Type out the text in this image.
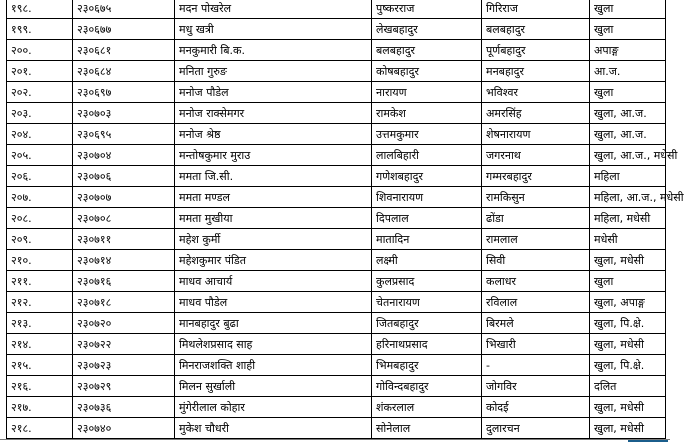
१९८.	२३०६७५	मदन पोखरेल	पुष्करराज	गिरिराज	खुला
१९९.	२३०६७७	मधु खत्री	लेखबहादुर	बलबहादुर	खुला
२००.	२३०६८१	मनकुमारी बि.क.	बलबहादुर	पूर्णबहादुर	अपाङ्ग
२०१.	२३०६८४	मनिता गुरुङ	कोषबहादुर	मनबहादुर	आ.ज.
२०२.	२३०६९७	मनोज पौडेल	नारायण	भविश्वर	खुला
२०३.	२३०७०३	मनोज राक्सेमगर	रामकेश	अमरसिंह	खुला, आ.ज.
२०४.	२३०६९५	मनोज श्रेष्ठ	उत्तमकुमार	शेषनारायण	खुला, आ.ज.
२०५.	२३०७०४	मन्तोषकुमार मुराउ	लालबिहारी	जगरनाथ	खुला, आ.ज., मधेसी
२०६.	२३०७०६	ममता जि.सी.	गणेशबहादुर	गम्मरबहादुर	महिला
२०७.	२३०७०७	ममता मण्डल	शिवनारायण	रामकिसुन	महिला, आ.ज., मधेसी
२०८.	२३०७०८	ममता मुखीया	दिपलाल	ढोंडा	महिला, मधेसी
२०९.	२३०७११	महेश कुर्मी	मातादिन	रामलाल	मधेसी
२१०.	२३०७१४	महेशकुमार पंडित	लक्ष्मी	सिवी	खुला, मधेसी
२११.	२३०७१६	माधव आचार्य	कुलप्रसाद	कलाधर	खुला
२१२.	२३०७१८	माधव पौडेल	चेतनारायण	रविलाल	खुला, अपाङ्ग
२१३.	२३०७२०	मानबहादुर बुढा	जितबहादुर	बिरमले	खुला, पि.क्षे.
२१४.	२३०७२२	मिथलेशप्रसाद साह	हरिनाथप्रसाद	भिखारी	खुला, मधेसी
२१५.	२३०७२३	मिनराजशक्ति शाही	भिमबहादुर	-	खुला, पि.क्षे.
२१६.	२३०७२९	मिलन सुर्खाली	गोविन्दबहादुर	जोगविर	दलित
२१७.	२३०७३६	मुंगेरीलाल कोहार	शंकरलाल	कोदई	खुला, मधेसी
२१८.	२३०७४०	मुकेश चौधरी	सोनेलाल	दुलारचन	खुला, मधेसी
